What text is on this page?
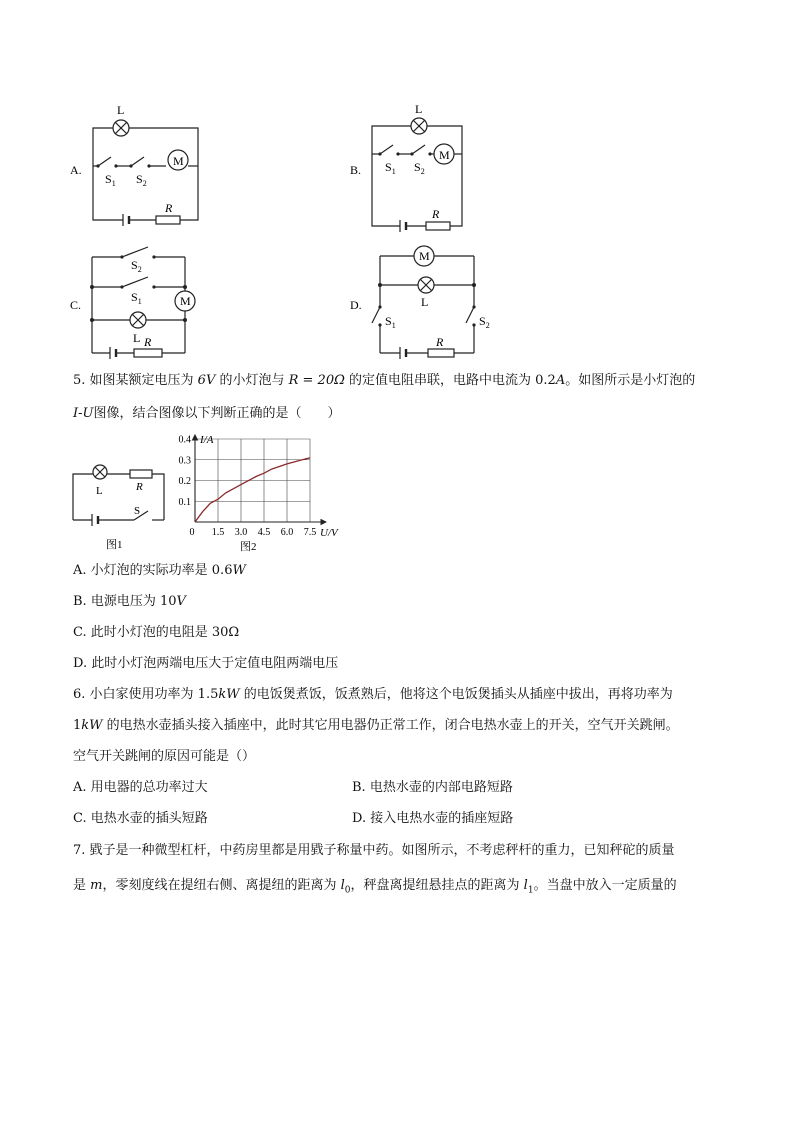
A.
L
M
$S_1$ $S_2$
R
B.
L
M
$S_1$ $S_2$
R
C.
$S_2$
$S_1$	M
L R
D.
M
L
$S_1$	$S_2$
R
5. 如图某额定电压为 6V 的小灯泡与 R = 20Ω 的定值电阻串联，电路中电流为 0.2A。如图所示是小灯泡的
I-U图像，结合图像以下判断正确的是（　　）
L	R
S
图1
0 1.5 3.0 4.5 6.0 7.5
0.1
0.2
0.3
0.4 I/A
U/V
图2
A. 小灯泡的实际功率是 0.6W
B. 电源电压为 10V
C. 此时小灯泡的电阻是 30Ω
D. 此时小灯泡两端电压大于定值电阻两端电压
6. 小白家使用功率为 1.5kW 的电饭煲煮饭，饭煮熟后，他将这个电饭煲插头从插座中拔出，再将功率为
1kW 的电热水壶插头接入插座中，此时其它用电器仍正常工作，闭合电热水壶上的开关，空气开关跳闸。
空气开关跳闸的原因可能是（）
A. 用电器的总功率过大	B. 电热水壶的内部电路短路
C. 电热水壶的插头短路	D. 接入电热水壶的插座短路
7. 戥子是一种微型杠杆，中药房里都是用戥子称量中药。如图所示，不考虑秤杆的重力，已知秤砣的质量
是 m，零刻度线在提纽右侧、离提纽的距离为 $l_0$，秤盘离提纽悬挂点的距离为 $l_1$。当盘中放入一定质量的
